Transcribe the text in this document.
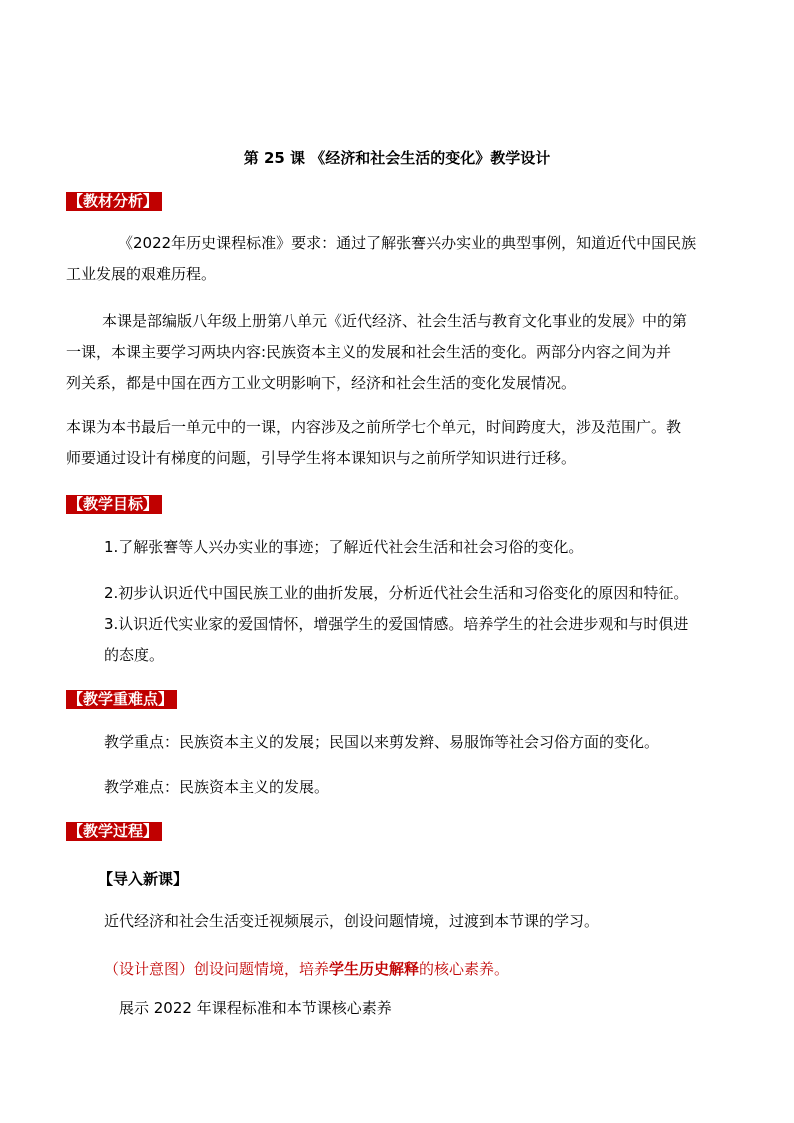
第 25 课 《经济和社会生活的变化》教学设计
【教材分析】
《2022年历史课程标准》要求：通过了解张謇兴办实业的典型事例，知道近代中国民族
工业发展的艰难历程。
本课是部编版八年级上册第八单元《近代经济、社会生活与教育文化事业的发展》中的第
一课，本课主要学习两块内容:民族资本主义的发展和社会生活的变化。两部分内容之间为并
列关系，都是中国在西方工业文明影响下，经济和社会生活的变化发展情况。
本课为本书最后一单元中的一课，内容涉及之前所学七个单元，时间跨度大，涉及范围广。教
师要通过设计有梯度的问题，引导学生将本课知识与之前所学知识进行迁移。
【教学目标】
1.了解张謇等人兴办实业的事迹；了解近代社会生活和社会习俗的变化。
2.初步认识近代中国民族工业的曲折发展，分析近代社会生活和习俗变化的原因和特征。
3.认识近代实业家的爱国情怀，增强学生的爱国情感。培养学生的社会进步观和与时俱进
的态度。
【教学重难点】
教学重点：民族资本主义的发展；民国以来剪发辫、易服饰等社会习俗方面的变化。
教学难点：民族资本主义的发展。
【教学过程】
【导入新课】
近代经济和社会生活变迁视频展示，创设问题情境，过渡到本节课的学习。
（设计意图）创设问题情境，培养学生历史解释的核心素养。
展示 2022 年课程标准和本节课核心素养
